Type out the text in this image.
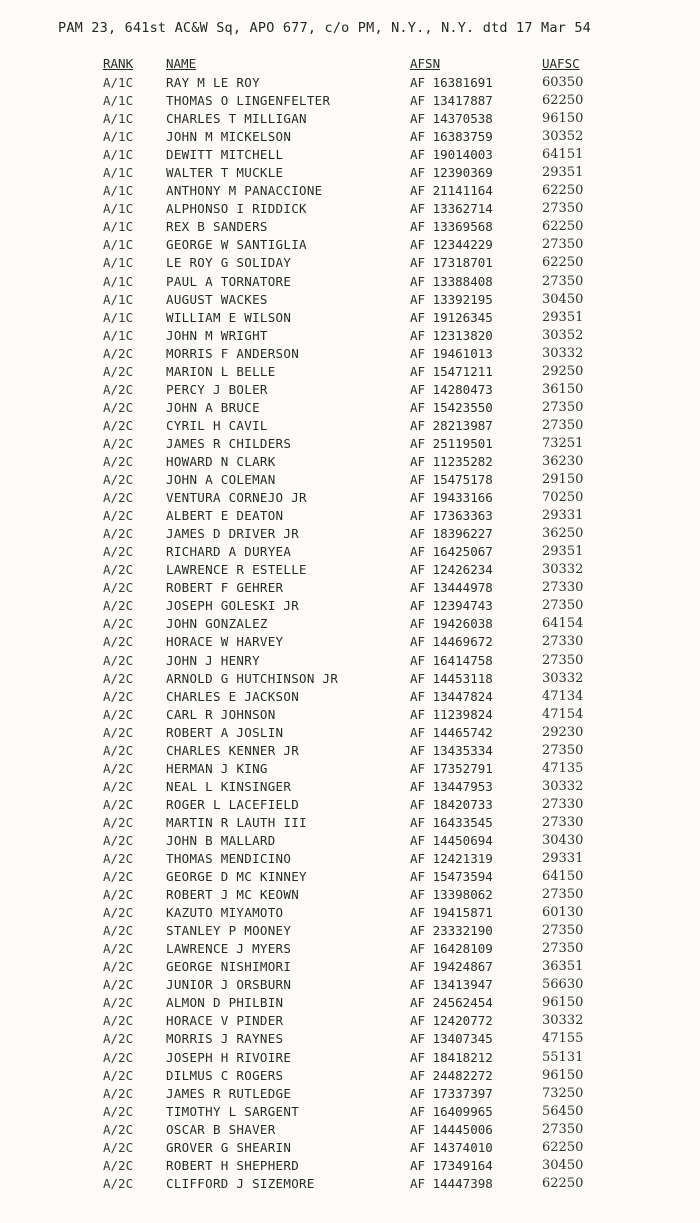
PAM 23, 641st AC&W Sq, APO 677, c/o PM, N.Y., N.Y. dtd 17 Mar 54
RANK	NAME	AFSN	UAFSC
A/1C	RAY M LE ROY	AF 16381691	60350
A/1C	THOMAS O LINGENFELTER	AF 13417887	62250
A/1C	CHARLES T MILLIGAN	AF 14370538	96150
A/1C	JOHN M MICKELSON	AF 16383759	30352
A/1C	DEWITT MITCHELL	AF 19014003	64151
A/1C	WALTER T MUCKLE	AF 12390369	29351
A/1C	ANTHONY M PANACCIONE	AF 21141164	62250
A/1C	ALPHONSO I RIDDICK	AF 13362714	27350
A/1C	REX B SANDERS	AF 13369568	62250
A/1C	GEORGE W SANTIGLIA	AF 12344229	27350
A/1C	LE ROY G SOLIDAY	AF 17318701	62250
A/1C	PAUL A TORNATORE	AF 13388408	27350
A/1C	AUGUST WACKES	AF 13392195	30450
A/1C	WILLIAM E WILSON	AF 19126345	29351
A/1C	JOHN M WRIGHT	AF 12313820	30352
A/2C	MORRIS F ANDERSON	AF 19461013	30332
A/2C	MARION L BELLE	AF 15471211	29250
A/2C	PERCY J BOLER	AF 14280473	36150
A/2C	JOHN A BRUCE	AF 15423550	27350
A/2C	CYRIL H CAVIL	AF 28213987	27350
A/2C	JAMES R CHILDERS	AF 25119501	73251
A/2C	HOWARD N CLARK	AF 11235282	36230
A/2C	JOHN A COLEMAN	AF 15475178	29150
A/2C	VENTURA CORNEJO JR	AF 19433166	70250
A/2C	ALBERT E DEATON	AF 17363363	29331
A/2C	JAMES D DRIVER JR	AF 18396227	36250
A/2C	RICHARD A DURYEA	AF 16425067	29351
A/2C	LAWRENCE R ESTELLE	AF 12426234	30332
A/2C	ROBERT F GEHRER	AF 13444978	27330
A/2C	JOSEPH GOLESKI JR	AF 12394743	27350
A/2C	JOHN GONZALEZ	AF 19426038	64154
A/2C	HORACE W HARVEY	AF 14469672	27330
A/2C	JOHN J HENRY	AF 16414758	27350
A/2C	ARNOLD G HUTCHINSON JR	AF 14453118	30332
A/2C	CHARLES E JACKSON	AF 13447824	47134
A/2C	CARL R JOHNSON	AF 11239824	47154
A/2C	ROBERT A JOSLIN	AF 14465742	29230
A/2C	CHARLES KENNER JR	AF 13435334	27350
A/2C	HERMAN J KING	AF 17352791	47135
A/2C	NEAL L KINSINGER	AF 13447953	30332
A/2C	ROGER L LACEFIELD	AF 18420733	27330
A/2C	MARTIN R LAUTH III	AF 16433545	27330
A/2C	JOHN B MALLARD	AF 14450694	30430
A/2C	THOMAS MENDICINO	AF 12421319	29331
A/2C	GEORGE D MC KINNEY	AF 15473594	64150
A/2C	ROBERT J MC KEOWN	AF 13398062	27350
A/2C	KAZUTO MIYAMOTO	AF 19415871	60130
A/2C	STANLEY P MOONEY	AF 23332190	27350
A/2C	LAWRENCE J MYERS	AF 16428109	27350
A/2C	GEORGE NISHIMORI	AF 19424867	36351
A/2C	JUNIOR J ORSBURN	AF 13413947	56630
A/2C	ALMON D PHILBIN	AF 24562454	96150
A/2C	HORACE V PINDER	AF 12420772	30332
A/2C	MORRIS J RAYNES	AF 13407345	47155
A/2C	JOSEPH H RIVOIRE	AF 18418212	55131
A/2C	DILMUS C ROGERS	AF 24482272	96150
A/2C	JAMES R RUTLEDGE	AF 17337397	73250
A/2C	TIMOTHY L SARGENT	AF 16409965	56450
A/2C	OSCAR B SHAVER	AF 14445006	27350
A/2C	GROVER G SHEARIN	AF 14374010	62250
A/2C	ROBERT H SHEPHERD	AF 17349164	30450
A/2C	CLIFFORD J SIZEMORE	AF 14447398	62250
